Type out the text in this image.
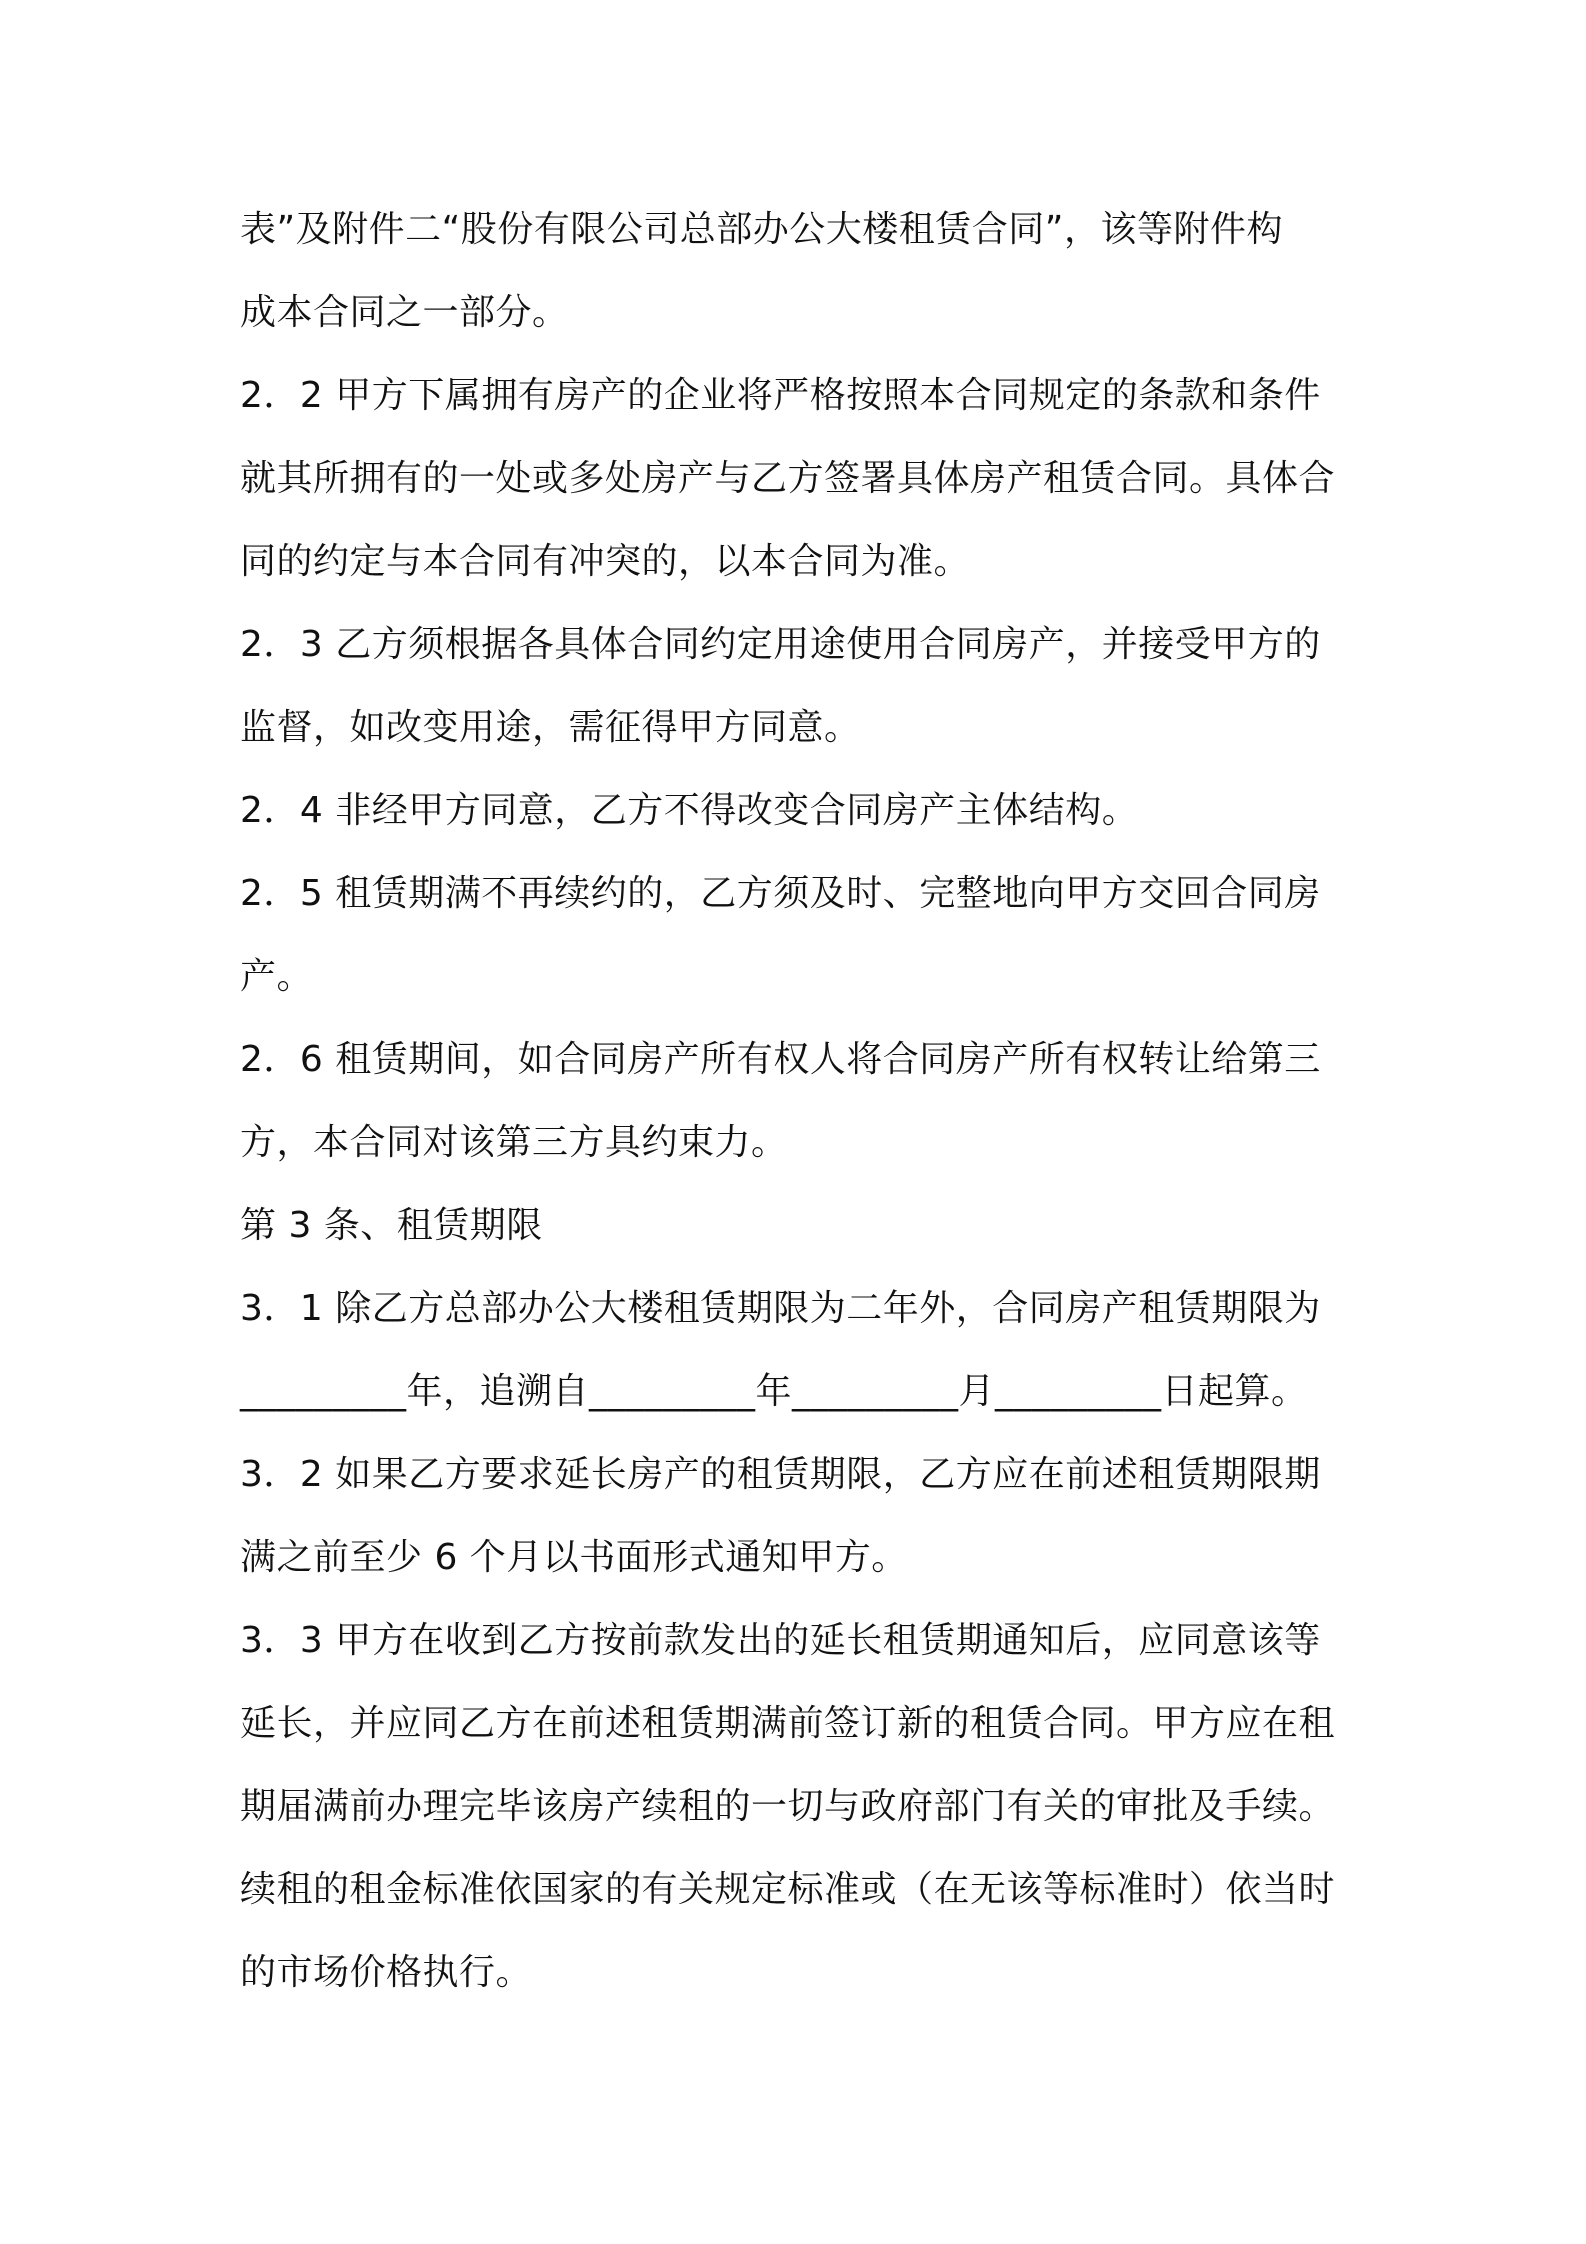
表”及附件二“股份有限公司总部办公大楼租赁合同”，该等附件构
成本合同之一部分。
2．2 甲方下属拥有房产的企业将严格按照本合同规定的条款和条件
就其所拥有的一处或多处房产与乙方签署具体房产租赁合同。具体合
同的约定与本合同有冲突的，以本合同为准。
2．3 乙方须根据各具体合同约定用途使用合同房产，并接受甲方的
监督，如改变用途，需征得甲方同意。
2．4 非经甲方同意，乙方不得改变合同房产主体结构。
2．5 租赁期满不再续约的，乙方须及时、完整地向甲方交回合同房
产。
2．6 租赁期间，如合同房产所有权人将合同房产所有权转让给第三
方，本合同对该第三方具约束力。
第 3 条、租赁期限
3．1 除乙方总部办公大楼租赁期限为二年外，合同房产租赁期限为
_________年，追溯自_________年_________月_________日起算。
3．2 如果乙方要求延长房产的租赁期限，乙方应在前述租赁期限期
满之前至少 6 个月以书面形式通知甲方。
3．3 甲方在收到乙方按前款发出的延长租赁期通知后，应同意该等
延长，并应同乙方在前述租赁期满前签订新的租赁合同。甲方应在租
期届满前办理完毕该房产续租的一切与政府部门有关的审批及手续。
续租的租金标准依国家的有关规定标准或（在无该等标准时）依当时
的市场价格执行。
